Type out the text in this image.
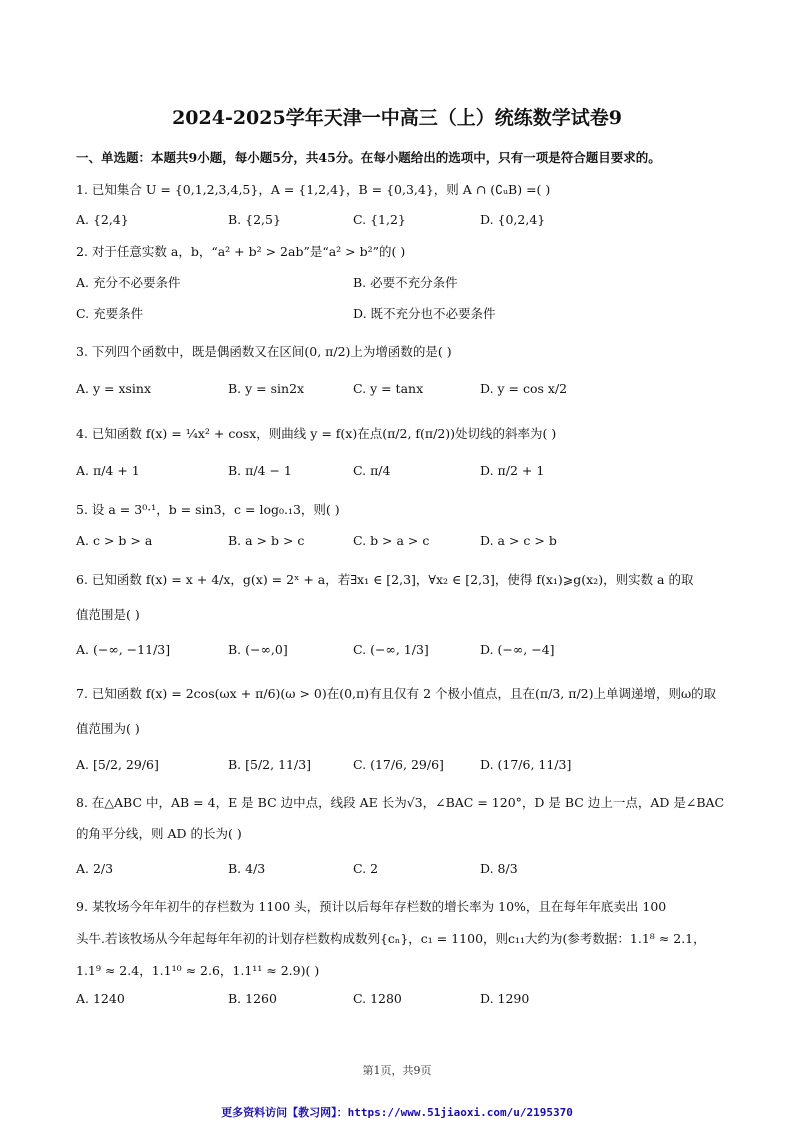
2024-2025学年天津一中高三（上）统练数学试卷9
一、单选题：本题共9小题，每小题5分，共45分。在每小题给出的选项中，只有一项是符合题目要求的。
1. 已知集合 U = {0,1,2,3,4,5}，A = {1,2,4}，B = {0,3,4}，则 A ∩ (∁ᵤB) =( )
A. {2,4}	B. {2,5}	C. {1,2}	D. {0,2,4}
2. 对于任意实数 a，b，“a² + b² > 2ab”是“a² > b²”的( )
A. 充分不必要条件	B. 必要不充分条件
C. 充要条件	D. 既不充分也不必要条件
3. 下列四个函数中，既是偶函数又在区间(0, π/2)上为增函数的是( )
A. y = xsinx	B. y = sin2x	C. y = tanx	D. y = cos x/2
4. 已知函数 f(x) = ¼x² + cosx，则曲线 y = f(x)在点(π/2, f(π/2))处切线的斜率为( )
A. π/4 + 1	B. π/4 − 1	C. π/4	D. π/2 + 1
5. 设 a = 3⁰·¹，b = sin3，c = log₀.₁3，则( )
A. c > b > a	B. a > b > c	C. b > a > c	D. a > c > b
6. 已知函数 f(x) = x + 4/x，g(x) = 2ˣ + a，若∃x₁ ∈ [2,3]，∀x₂ ∈ [2,3]，使得 f(x₁)⩾g(x₂)，则实数 a 的取
值范围是( )
A. (−∞, −11/3]	B. (−∞,0]	C. (−∞, 1/3]	D. (−∞, −4]
7. 已知函数 f(x) = 2cos(ωx + π/6)(ω > 0)在(0,π)有且仅有 2 个极小值点，且在(π/3, π/2)上单调递增，则ω的取
值范围为( )
A. [5/2, 29/6]	B. [5/2, 11/3]	C. (17/6, 29/6]	D. (17/6, 11/3]
8. 在△ABC 中，AB = 4，E 是 BC 边中点，线段 AE 长为√3，∠BAC = 120°，D 是 BC 边上一点，AD 是∠BAC
的角平分线，则 AD 的长为( )
A. 2/3	B. 4/3	C. 2	D. 8/3
9. 某牧场今年年初牛的存栏数为 1100 头，预计以后每年存栏数的增长率为 10%，且在每年年底卖出 100
头牛.若该牧场从今年起每年年初的计划存栏数构成数列{cₙ}，c₁ = 1100，则c₁₁大约为(参考数据：1.1⁸ ≈ 2.1，
1.1⁹ ≈ 2.4，1.1¹⁰ ≈ 2.6，1.1¹¹ ≈ 2.9)( )
A. 1240	B. 1260	C. 1280	D. 1290
第1页，共9页
更多资料访问【教习网】：https://www.51jiaoxi.com/u/2195370
